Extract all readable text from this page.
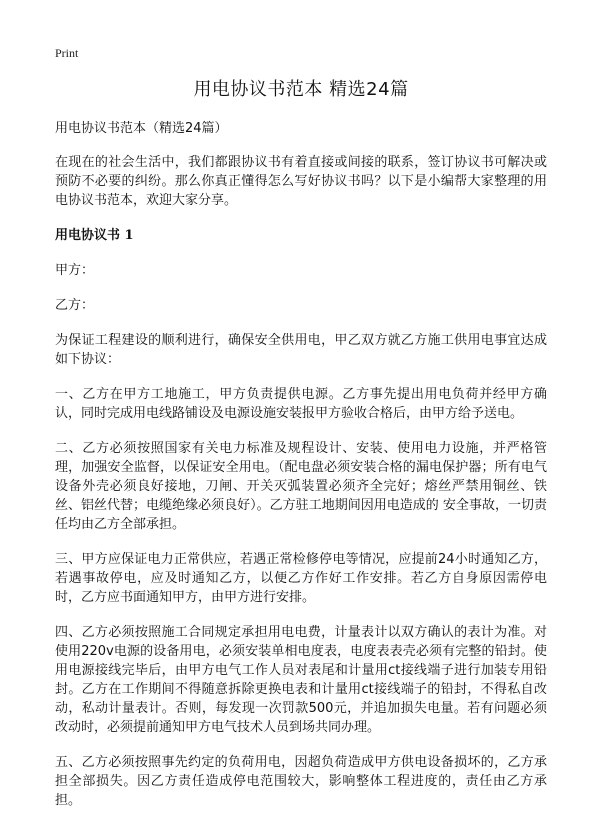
Print
用电协议书范本 精选24篇
用电协议书范本（精选24篇）

在现在的社会生活中，我们都跟协议书有着直接或间接的联系，签订协议书可解决或预防不必要的纠纷。那么你真正懂得怎么写好协议书吗？以下是小编帮大家整理的用电协议书范本，欢迎大家分享。

用电协议书 1

甲方：

乙方：

为保证工程建设的顺利进行，确保安全供用电，甲乙双方就乙方施工供用电事宜达成如下协议：

一、乙方在甲方工地施工，甲方负责提供电源。乙方事先提出用电负荷并经甲方确认，同时完成用电线路铺设及电源设施安装报甲方验收合格后，由甲方给予送电。

二、乙方必须按照国家有关电力标准及规程设计、安装、使用电力设施，并严格管理，加强安全监督，以保证安全用电。（配电盘必须安装合格的漏电保护器；所有电气设备外壳必须良好接地，刀闸、开关灭弧装置必须齐全完好；熔丝严禁用铜丝、铁丝、铝丝代替；电缆绝缘必须良好）。乙方驻工地期间因用电造成的 安全事故，一切责任均由乙方全部承担。

三、甲方应保证电力正常供应，若遇正常检修停电等情况，应提前24小时通知乙方，若遇事故停电，应及时通知乙方，以便乙方作好工作安排。若乙方自身原因需停电时，乙方应书面通知甲方，由甲方进行安排。

四、乙方必须按照施工合同规定承担用电电费，计量表计以双方确认的表计为准。对使用220v电源的设备用电，必须安装单相电度表，电度表表壳必须有完整的铅封。使用电源接线完毕后，由甲方电气工作人员对表尾和计量用ct接线端子进行加装专用铅封。乙方在工作期间不得随意拆除更换电表和计量用ct接线端子的铅封，不得私自改动，私动计量表计。否则，每发现一次罚款500元，并追加损失电量。若有问题必须改动时，必须提前通知甲方电气技术人员到场共同办理。

五、乙方必须按照事先约定的负荷用电，因超负荷造成甲方供电设备损坏的，乙方承担全部损失。因乙方责任造成停电范围较大，影响整体工程进度的，责任由乙方承担。
